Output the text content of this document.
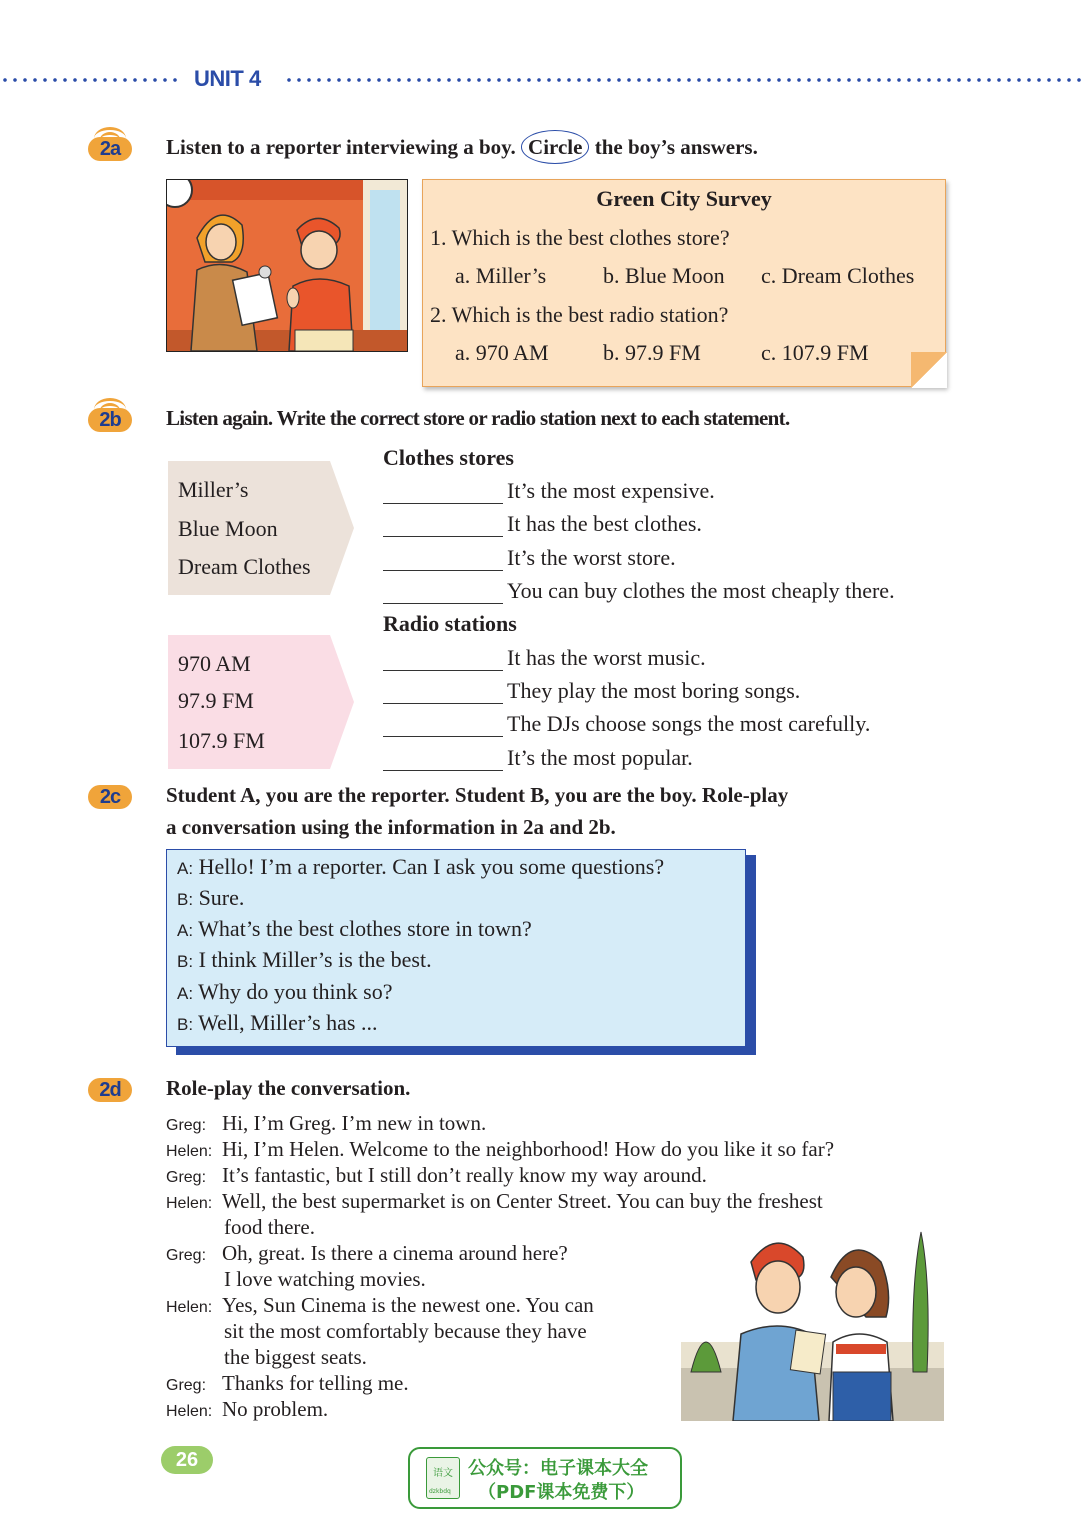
UNIT 4
2a	Listen to a reporter interviewing a boy. Circle the boy’s answers.
Green City Survey
1. Which is the best clothes store?
a. Miller’s	b. Blue Moon c. Dream Clothes
2. Which is the best radio station?
a. 970 AM b. 97.9 FM	c. 107.9 FM
2b	Listen again. Write the correct store or radio station next to each statement.
Miller’s
Blue Moon
Dream Clothes
970 AM
97.9 FM
107.9 FM
Clothes stores
It’s the most expensive.
It has the best clothes.
It’s the worst store.
You can buy clothes the most cheaply there.
Radio stations
It has the worst music.
They play the most boring songs.
The DJs choose songs the most carefully.
It’s the most popular.
2c	Student A, you are the reporter. Student B, you are the boy. Role-play
a conversation using the information in 2a and 2b.
A: Hello! I’m a reporter. Can I ask you some questions?
B: Sure.
A: What’s the best clothes store in town?
B: I think Miller’s is the best.
A: Why do you think so?
B: Well, Miller’s has ...
2d	Role-play the conversation.
Greg: Hi, I’m Greg. I’m new in town.
Helen: Hi, I’m Helen. Welcome to the neighborhood! How do you like it so far?
Greg: It’s fantastic, but I still don’t really know my way around.
Helen: Well, the best supermarket is on Center Street. You can buy the freshest
food there.
Greg: Oh, great. Is there a cinema around here?
I love watching movies.
Helen: Yes, Sun Cinema is the newest one. You can
sit the most comfortably because they have
the biggest seats.
Greg: Thanks for telling me.
Helen: No problem.
26
语文
dzkbdq
公众号：电子课本大全
（PDF课本免费下）
